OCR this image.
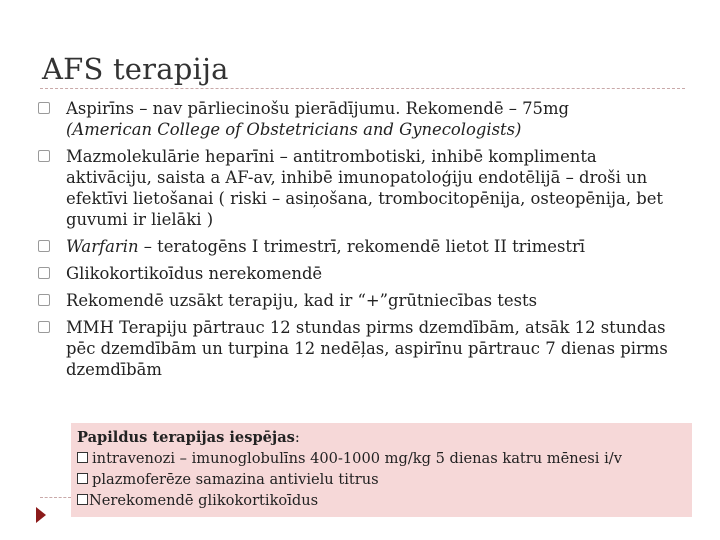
AFS terapija
Aspirīns – nav pārliecinošu pierādījumu. Rekomendē – 75mg
(American College of Obstetricians and Gynecologists)
Mazmolekulārie heparīni – antitrombotiski, inhibē komplimenta aktivāciju, saista a AF-av, inhibē imunopatoloģiju endotēlijā – droši un efektīvi lietošanai ( riski – asiņošana, trombocitopēnija, osteopēnija, bet guvumi ir lielāki )
Warfarin – teratogēns I trimestrī, rekomendē lietot II trimestrī
Glikokortikoīdus nerekomendē
Rekomendē uzsākt terapiju, kad ir “+”grūtniecības tests
MMH Terapiju pārtrauc 12 stundas pirms dzemdībām, atsāk 12 stundas pēc dzemdībām un turpina 12 nedēļas, aspirīnu pārtrauc 7 dienas pirms dzemdībām
Papildus terapijas iespējas:
intravenozi – imunoglobulīns 400-1000 mg/kg 5 dienas katru mēnesi i/v
plazmoferēze samazina antivielu titrus
Nerekomendē glikokortikoīdus
